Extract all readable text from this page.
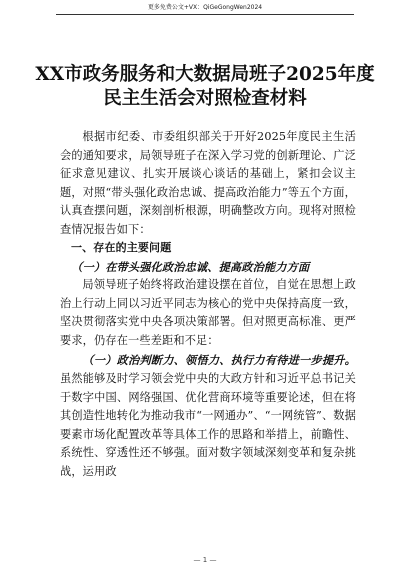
更多免费公文+VX：QiGeGongWen2024
XX市政务服务和大数据局班子2025年度
民主生活会对照检查材料

根据市纪委、市委组织部关于开好2025年度民主生活会的通知要求，局领导班子在深入学习党的创新理论、广泛征求意见建议、扎实开展谈心谈话的基础上，紧扣会议主题，对照“带头强化政治忠诚、提高政治能力”等五个方面，认真查摆问题，深刻剖析根源，明确整改方向。现将对照检查情况报告如下：

一、存在的主要问题

（一）在带头强化政治忠诚、提高政治能力方面

局领导班子始终将政治建设摆在首位，自觉在思想上政治上行动上同以习近平同志为核心的党中央保持高度一致，坚决贯彻落实党中央各项决策部署。但对照更高标准、更严要求，仍存在一些差距和不足：

（一）政治判断力、领悟力、执行力有待进一步提升。虽然能够及时学习领会党中央的大政方针和习近平总书记关于数字中国、网络强国、优化营商环境等重要论述，但在将其创造性地转化为推动我市“一网通办”、“一网统管”、数据要素市场化配置改革等具体工作的思路和举措上，前瞻性、系统性、穿透性还不够强。面对数字领域深刻变革和复杂挑战，运用政

— 1 —
